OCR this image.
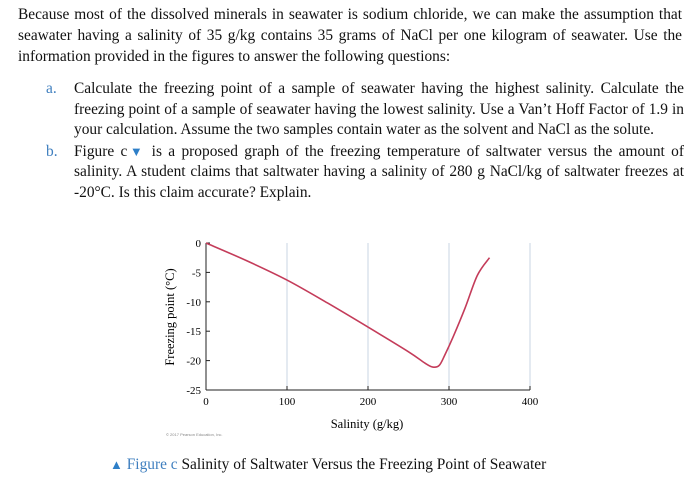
Because most of the dissolved minerals in seawater is sodium chloride, we can make the assumption that seawater having a salinity of 35 g/kg contains 35 grams of NaCl per one kilogram of seawater. Use the information provided in the figures to answer the following questions:
a. Calculate the freezing point of a sample of seawater having the highest salinity. Calculate the freezing point of a sample of seawater having the lowest salinity. Use a Van’t Hoff Factor of 1.9 in your calculation. Assume the two samples contain water as the solvent and NaCl as the solute.
b. Figure c▼ is a proposed graph of the freezing temperature of saltwater versus the amount of salinity. A student claims that saltwater having a salinity of 280 g NaCl/kg of saltwater freezes at -20°C. Is this claim accurate? Explain.
0	100	200	300	400
0
-5
-10
-15
-20
-25
Salinity (g/kg)
Freezing point (°C)
© 2017 Pearson Education, Inc.
▲ Figure c Salinity of Saltwater Versus the Freezing Point of Seawater
